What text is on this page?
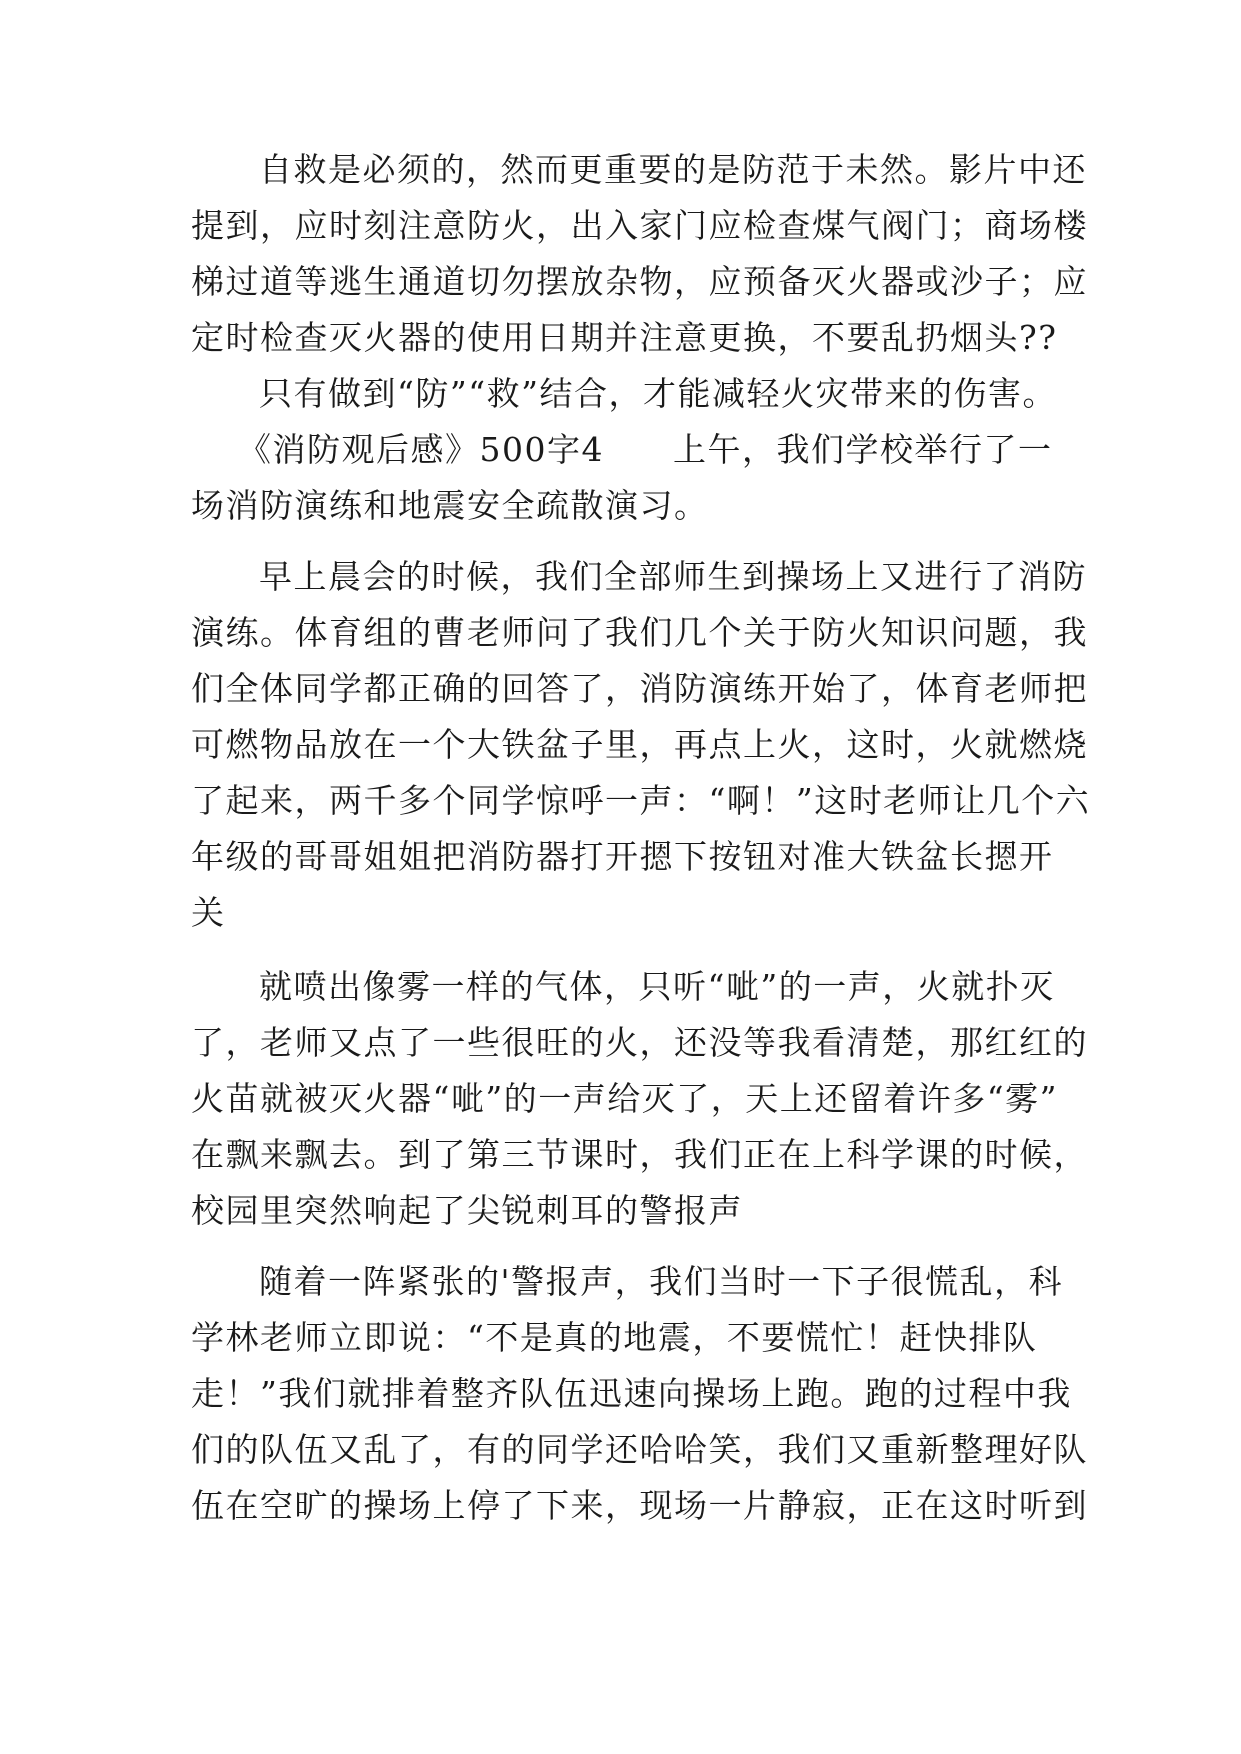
自救是必须的，然而更重要的是防范于未然。影片中还
提到，应时刻注意防火，出入家门应检查煤气阀门；商场楼
梯过道等逃生通道切勿摆放杂物，应预备灭火器或沙子；应
定时检查灭火器的使用日期并注意更换，不要乱扔烟头??
只有做到“防”“救”结合，才能减轻火灾带来的伤害。
《消防观后感》500字4　　上午，我们学校举行了一
场消防演练和地震安全疏散演习。
早上晨会的时候，我们全部师生到操场上又进行了消防
演练。体育组的曹老师问了我们几个关于防火知识问题，我
们全体同学都正确的回答了，消防演练开始了，体育老师把
可燃物品放在一个大铁盆子里，再点上火，这时，火就燃烧
了起来，两千多个同学惊呼一声：“啊！”这时老师让几个六
年级的哥哥姐姐把消防器打开摁下按钮对准大铁盆长摁开
关
就喷出像雾一样的气体，只听“呲”的一声，火就扑灭
了，老师又点了一些很旺的火，还没等我看清楚，那红红的
火苗就被灭火器“呲”的一声给灭了，天上还留着许多“雾”
在飘来飘去。到了第三节课时，我们正在上科学课的时候，
校园里突然响起了尖锐刺耳的警报声
随着一阵紧张的'警报声，我们当时一下子很慌乱，科
学林老师立即说：“不是真的地震，不要慌忙！赶快排队
走！”我们就排着整齐队伍迅速向操场上跑。跑的过程中我
们的队伍又乱了，有的同学还哈哈笑，我们又重新整理好队
伍在空旷的操场上停了下来，现场一片静寂，正在这时听到
